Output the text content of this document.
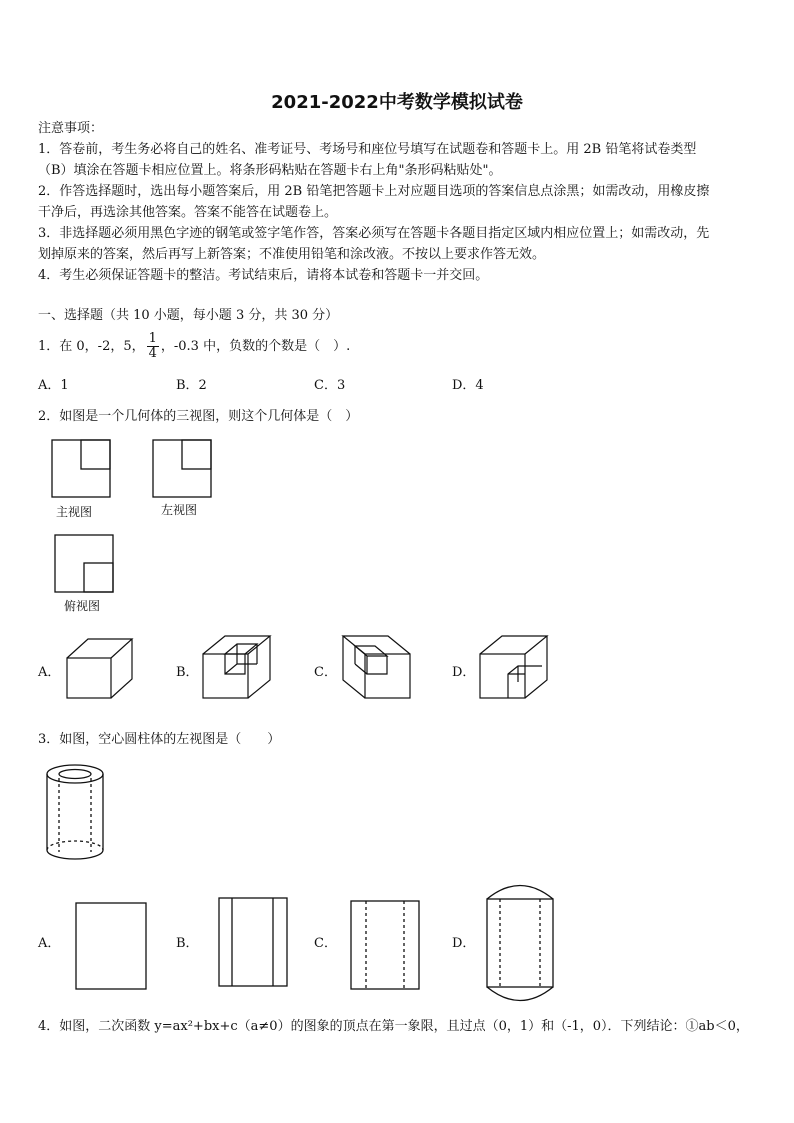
2021-2022中考数学模拟试卷
注意事项：
1．答卷前，考生务必将自己的姓名、准考证号、考场号和座位号填写在试题卷和答题卡上。用 2B 铅笔将试卷类型
（B）填涂在答题卡相应位置上。将条形码粘贴在答题卡右上角"条形码粘贴处"。
2．作答选择题时，选出每小题答案后，用 2B 铅笔把答题卡上对应题目选项的答案信息点涂黑；如需改动，用橡皮擦
干净后，再选涂其他答案。答案不能答在试题卷上。
3．非选择题必须用黑色字迹的钢笔或签字笔作答，答案必须写在答题卡各题目指定区域内相应位置上；如需改动，先
划掉原来的答案，然后再写上新答案；不准使用铅笔和涂改液。不按以上要求作答无效。
4．考生必须保证答题卡的整洁。考试结束后，请将本试卷和答题卡一并交回。
一、选择题（共 10 小题，每小题 3 分，共 30 分）
1．在 0，-2，5， $\frac{1}{4}$ ，-0.3 中，负数的个数是（　）.
A．1	B．2	C．3	D．4
2．如图是一个几何体的三视图，则这个几何体是（　）
主视图	左视图
俯视图
A．	B．	C．	D．
3．如图，空心圆柱体的左视图是（　　）
A．	B．	C．	D．
4．如图，二次函数 y=ax²+bx+c（a≠0）的图象的顶点在第一象限，且过点（0，1）和（-1，0）．下列结论：①ab＜0，
